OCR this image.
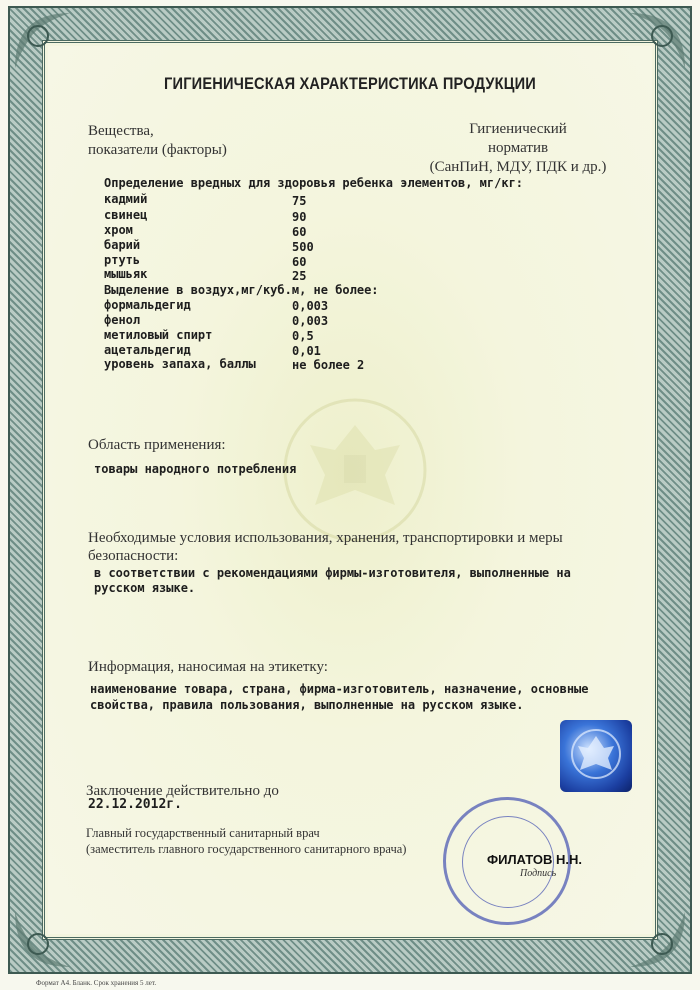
ГИГИЕНИЧЕСКАЯ ХАРАКТЕРИСТИКА ПРОДУКЦИИ
Вещества,
показатели (факторы)
Гигиенический
норматив
(СанПиН, МДУ, ПДК и др.)
Определение вредных для здоровья ребенка элементов, мг/кг:
кадмий	75
свинец	90
хром	60
барий	500
ртуть	60
мышьяк	25
Выделение в воздух,мг/куб.м, не более:
формальдегид	0,003
фенол	0,003
метиловый спирт	0,5
ацетальдегид	0,01
уровень запаха, баллы	не более 2
Область применения:
товары народного потребления
Необходимые условия использования, хранения, транспортировки и меры
безопасности:
в соответствии с рекомендациями фирмы-изготовителя, выполненные на
русском языке.
Информация, наносимая на этикетку:
наименование товара, страна, фирма-изготовитель, назначение, основные
свойства, правила пользования, выполненные на русском языке.
Заключение действительно до
22.12.2012г.
Главный государственный санитарный врач
(заместитель главного государственного санитарного врача)
ФИЛАТОВ Н.Н.
Подпись
Формат А4. Бланк. Срок хранения 5 лет.
